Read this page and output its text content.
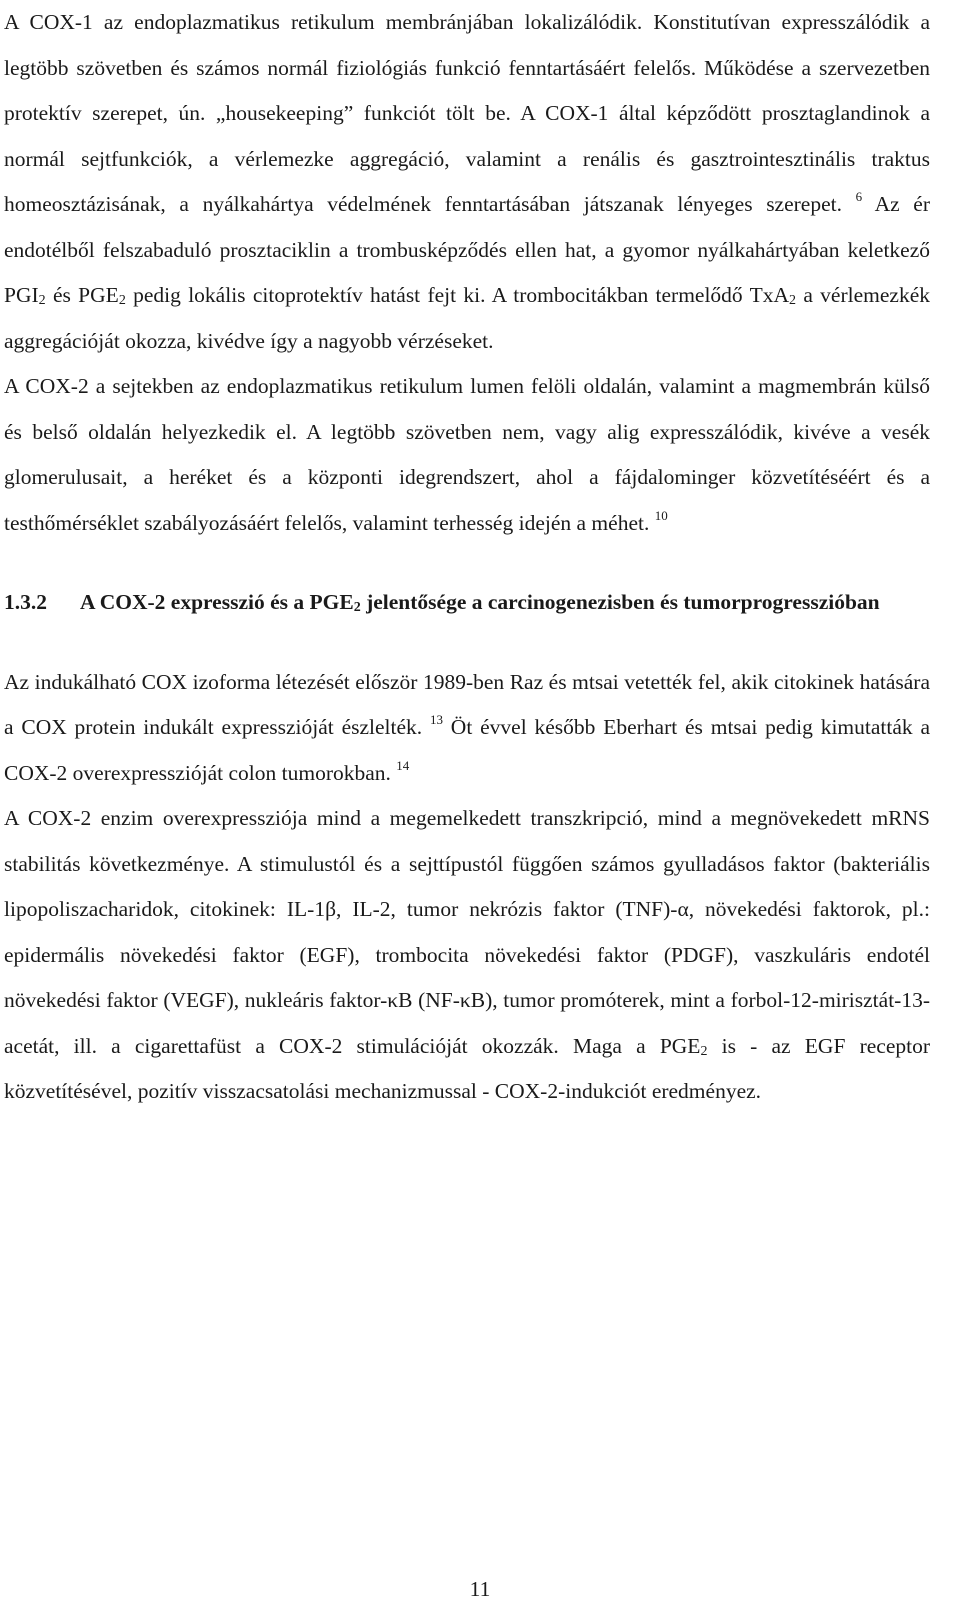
A COX-1 az endoplazmatikus retikulum membránjában lokalizálódik. Konstitutívan expresszálódik a legtöbb szövetben és számos normál fiziológiás funkció fenntartásáért felelős. Működése a szervezetben protektív szerepet, ún. „housekeeping” funkciót tölt be. A COX-1 által képződött prosztaglandinok a normál sejtfunkciók, a vérlemezke aggregáció, valamint a renális és gasztrointesztinális traktus homeosztázisának, a nyálkahártya védelmének fenntartásában játszanak lényeges szerepet. $^6$ Az ér endotélből felszabaduló prosztaciklin a trombusképződés ellen hat, a gyomor nyálkahártyában keletkező $PGI_2$ és $PGE_2$ pedig lokális citoprotektív hatást fejt ki. A trombocitákban termelődő TxA$_2$ a vérlemezkék aggregációját okozza, kivédve így a nagyobb vérzéseket.

A COX-2 a sejtekben az endoplazmatikus retikulum lumen felöli oldalán, valamint a magmembrán külső és belső oldalán helyezkedik el. A legtöbb szövetben nem, vagy alig expresszálódik, kivéve a vesék glomerulusait, a heréket és a központi idegrendszert, ahol a fájdalominger közvetítéséért és a testhőmérséklet szabályozásáért felelős, valamint terhesség idején a méhet. $^{10}$

1.3.2	A COX-2 expresszió és a $PGE_2$ jelentősége a carcinogenezisben és tumorprogresszióban

Az indukálható COX izoforma létezését először 1989-ben Raz és mtsai vetették fel, akik citokinek hatására a COX protein indukált expresszióját észlelték. $^{13}$ Öt évvel később Eberhart és mtsai pedig kimutatták a COX-2 overexpresszióját colon tumorokban. $^{14}$

A COX-2 enzim overexpressziója mind a megemelkedett transzkripció, mind a megnövekedett mRNS stabilitás következménye. A stimulustól és a sejttípustól függően számos gyulladásos faktor (bakteriális lipopoliszacharidok, citokinek: IL-1β, IL-2, tumor nekrózis faktor (TNF)-α, növekedési faktorok, pl.: epidermális növekedési faktor (EGF), trombocita növekedési faktor (PDGF), vaszkuláris endotél növekedési faktor (VEGF), nukleáris faktor-κB (NF-κB), tumor promóterek, mint a forbol-12-mirisztát-13-acetát, ill. a cigarettafüst a COX-2 stimulációját okozzák. Maga a $PGE_2$ is - az EGF receptor közvetítésével, pozitív visszacsatolási mechanizmussal - COX-2-indukciót eredményez.

11
